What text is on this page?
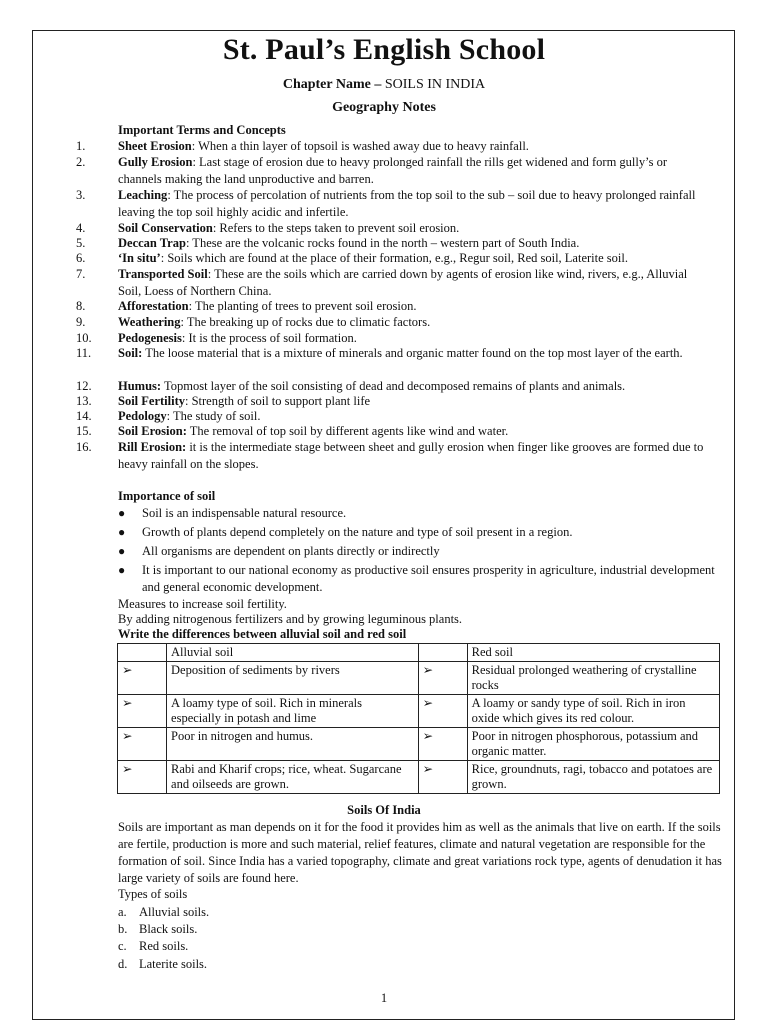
St. Paul’s English School
Chapter Name – SOILS IN INDIA
Geography Notes
Important Terms and Concepts
1.	Sheet Erosion: When a thin layer of topsoil is washed away due to heavy rainfall.
2.	Gully Erosion: Last stage of erosion due to heavy prolonged rainfall the rills get widened and form gully’s or channels making the land unproductive and barren.
3.	Leaching: The process of percolation of nutrients from the top soil to the sub – soil due to heavy prolonged rainfall leaving the top soil highly acidic and infertile.
4.	Soil Conservation: Refers to the steps taken to prevent soil erosion.
5.	Deccan Trap: These are the volcanic rocks found in the north – western part of South India.
6.	‘In situ’: Soils which are found at the place of their formation, e.g., Regur soil, Red soil, Laterite soil.
7.	Transported Soil: These are the soils which are carried down by agents of erosion like wind, rivers, e.g., Alluvial Soil, Loess of Northern China.
8.	Afforestation: The planting of trees to prevent soil erosion.
9.	Weathering: The breaking up of rocks due to climatic factors.
10. Pedogenesis: It is the process of soil formation.
11. Soil: The loose material that is a mixture of minerals and organic matter found on the top most layer of the earth.
12. Humus: Topmost layer of the soil consisting of dead and decomposed remains of plants and animals.
13. Soil Fertility: Strength of soil to support plant life
14. Pedology: The study of soil.
15. Soil Erosion: The removal of top soil by different agents like wind and water.
16. Rill Erosion: it is the intermediate stage between sheet and gully erosion when finger like grooves are formed due to heavy rainfall on the slopes.
Importance of soil
● Soil is an indispensable natural resource.
● Growth of plants depend completely on the nature and type of soil present in a region.
● All organisms are dependent on plants directly or indirectly
● It is important to our national economy as productive soil ensures prosperity in agriculture, industrial development and general economic development.
Measures to increase soil fertility.
By adding nitrogenous fertilizers and by growing leguminous plants.
Write the differences between alluvial soil and red soil
	Alluvial soil		Red soil
➢	Deposition of sediments by rivers	➢	Residual prolonged weathering of crystalline rocks
➢	A loamy type of soil. Rich in minerals especially in potash and lime	➢	A loamy or sandy type of soil. Rich in iron oxide which gives its red colour.
➢	Poor in nitrogen and humus.	➢	Poor in nitrogen phosphorous, potassium and organic matter.
➢	Rabi and Kharif crops; rice, wheat. Sugarcane and oilseeds are grown.	➢	Rice, groundnuts, ragi, tobacco and potatoes are grown.
Soils Of India
Soils are important as man depends on it for the food it provides him as well as the animals that live on earth. If the soils are fertile, production is more and such material, relief features, climate and natural vegetation are responsible for the formation of soil. Since India has a varied topography, climate and great variations rock type, agents of denudation it has large variety of soils are found here.
Types of soils
a. Alluvial soils.
b. Black soils.
c. Red soils.
d. Laterite soils.
1
